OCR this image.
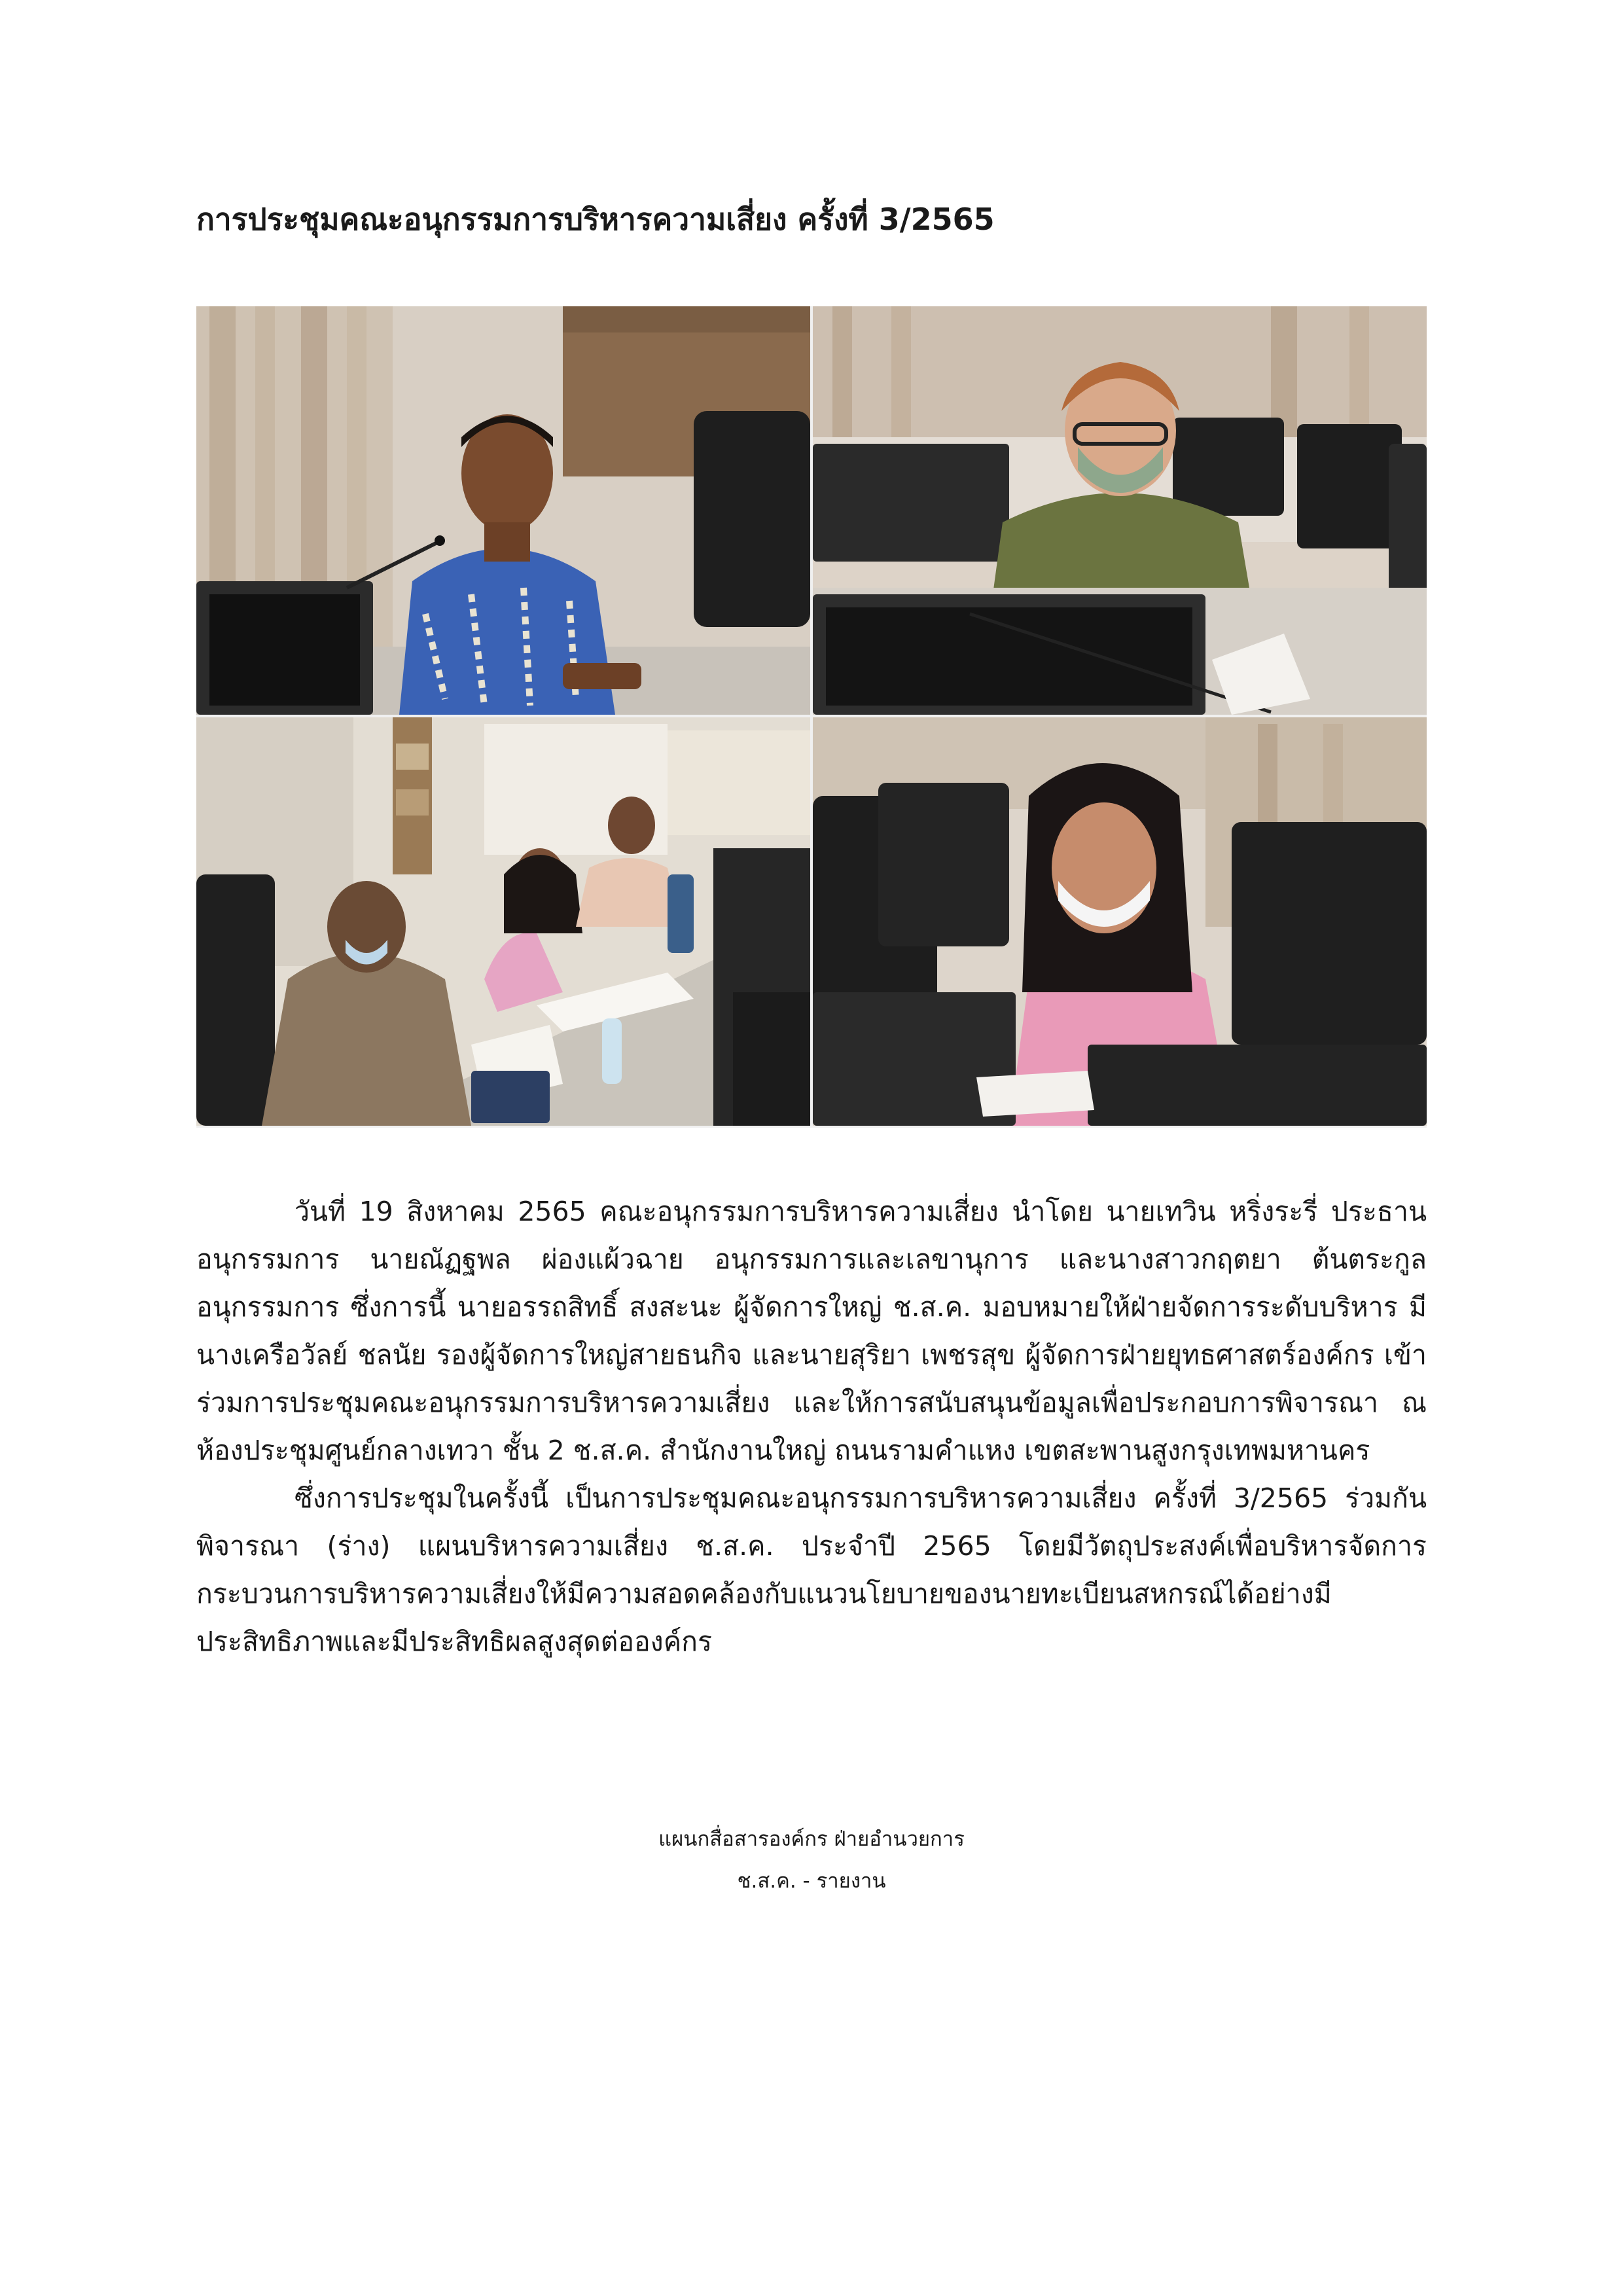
การประชุมคณะอนุกรรมการบริหารความเสี่ยง ครั้งที่ 3/2565

วันที่ 19 สิงหาคม 2565 คณะอนุกรรมการบริหารความเสี่ยง นำโดย นายเทวิน หริ่งระรี่ ประธานอนุกรรมการ นายณัฏฐพล ผ่องแผ้วฉาย อนุกรรมการและเลขานุการ และนางสาวกฤตยา ต้นตระกูลอนุกรรมการ ซึ่งการนี้ นายอรรถสิทธิ์ สงสะนะ ผู้จัดการใหญ่ ช.ส.ค. มอบหมายให้ฝ่ายจัดการระดับบริหาร มีนางเครือวัลย์ ชลนัย รองผู้จัดการใหญ่สายธนกิจ และนายสุริยา เพชรสุข ผู้จัดการฝ่ายยุทธศาสตร์องค์กร เข้าร่วมการประชุมคณะอนุกรรมการบริหารความเสี่ยง และให้การสนับสนุนข้อมูลเพื่อประกอบการพิจารณา ณ ห้องประชุมศูนย์กลางเทวา ชั้น 2 ช.ส.ค. สำนักงานใหญ่ ถนนรามคำแหง เขตสะพานสูงกรุงเทพมหานคร

ซึ่งการประชุมในครั้งนี้ เป็นการประชุมคณะอนุกรรมการบริหารความเสี่ยง ครั้งที่ 3/2565 ร่วมกันพิจารณา (ร่าง) แผนบริหารความเสี่ยง ช.ส.ค. ประจำปี 2565 โดยมีวัตถุประสงค์เพื่อบริหารจัดการกระบวนการบริหารความเสี่ยงให้มีความสอดคล้องกับแนวนโยบายของนายทะเบียนสหกรณ์ได้อย่างมีประสิทธิภาพและมีประสิทธิผลสูงสุดต่อองค์กร

แผนกสื่อสารองค์กร ฝ่ายอำนวยการ
ช.ส.ค. - รายงาน
